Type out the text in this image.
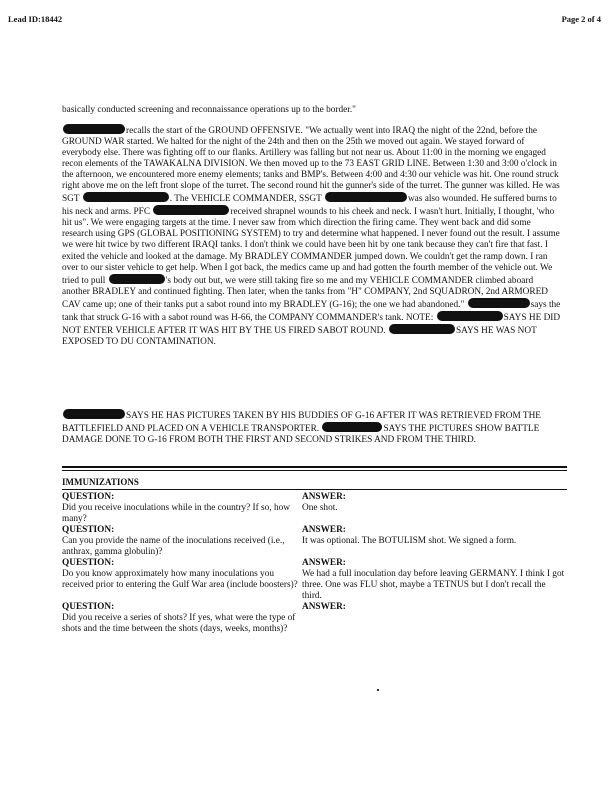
Lead ID:18442	Page 2 of 4
basically conducted screening and reconnaissance operations up to the border."
recalls the start of the GROUND OFFENSIVE. "We actually went into IRAQ the night of the 22nd, before the GROUND WAR started. We halted for the night of the 24th and then on the 25th we moved out again. We stayed forward of everybody else. There was fighting off to our flanks. Artillery was falling but not near us. About 11:00 in the morning we engaged recon elements of the TAWAKALNA DIVISION. We then moved up to the 73 EAST GRID LINE. Between 1:30 and 3:00 o'clock in the afternoon, we encountered more enemy elements; tanks and BMP's. Between 4:00 and 4:30 our vehicle was hit. One round struck right above me on the left front slope of the turret. The second round hit the gunner's side of the turret. The gunner was killed. He was SGT	. The VEHICLE COMMANDER, SSGT	was also wounded. He suffered burns to his neck and arms. PFC	received shrapnel wounds to his cheek and neck. I wasn't hurt. Initially, I thought, 'who hit us". We were engaging targets at the time. I never saw from which direction the firing came. They went back and did some research using GPS (GLOBAL POSITIONING SYSTEM) to try and determine what happened. I never found out the result. I assume we were hit twice by two different IRAQI tanks. I don't think we could have been hit by one tank because they can't fire that fast. I exited the vehicle and looked at the damage. My BRADLEY COMMANDER jumped down. We couldn't get the ramp down. I ran over to our sister vehicle to get help. When I got back, the medics came up and had gotten the fourth member of the vehicle out. We tried to pull	's body out but, we were still taking fire so me and my VEHICLE COMMANDER climbed aboard another BRADLEY and continued fighting. Then later, when the tanks from "H" COMPANY, 2nd SQUADRON, 2nd ARMORED CAV came up; one of their tanks put a sabot round into my BRADLEY (G-16); the one we had abandoned."	says the tank that struck G-16 with a sabot round was H-66, the COMPANY COMMANDER's tank. NOTE:	SAYS HE DID NOT ENTER VEHICLE AFTER IT WAS HIT BY THE US FIRED SABOT ROUND.	SAYS HE WAS NOT EXPOSED TO DU CONTAMINATION.
SAYS HE HAS PICTURES TAKEN BY HIS BUDDIES OF G-16 AFTER IT WAS RETRIEVED FROM THE BATTLEFIELD AND PLACED ON A VEHICLE TRANSPORTER.	SAYS THE PICTURES SHOW BATTLE DAMAGE DONE TO G-16 FROM BOTH THE FIRST AND SECOND STRIKES AND FROM THE THIRD.
IMMUNIZATIONS
QUESTION:
Did you receive inoculations while in the country? If so, how many?
ANSWER:
One shot.
QUESTION:
Can you provide the name of the inoculations received (i.e., anthrax, gamma globulin)?
ANSWER:
It was optional. The BOTULISM shot. We signed a form.
QUESTION:
Do you know approximately how many inoculations you received prior to entering the Gulf War area (include boosters)?
ANSWER:
We had a full inoculation day before leaving GERMANY. I think I got three. One was FLU shot, maybe a TETNUS but I don't recall the third.
QUESTION:
Did you receive a series of shots? If yes, what were the type of shots and the time between the shots (days, weeks, months)?
ANSWER:
